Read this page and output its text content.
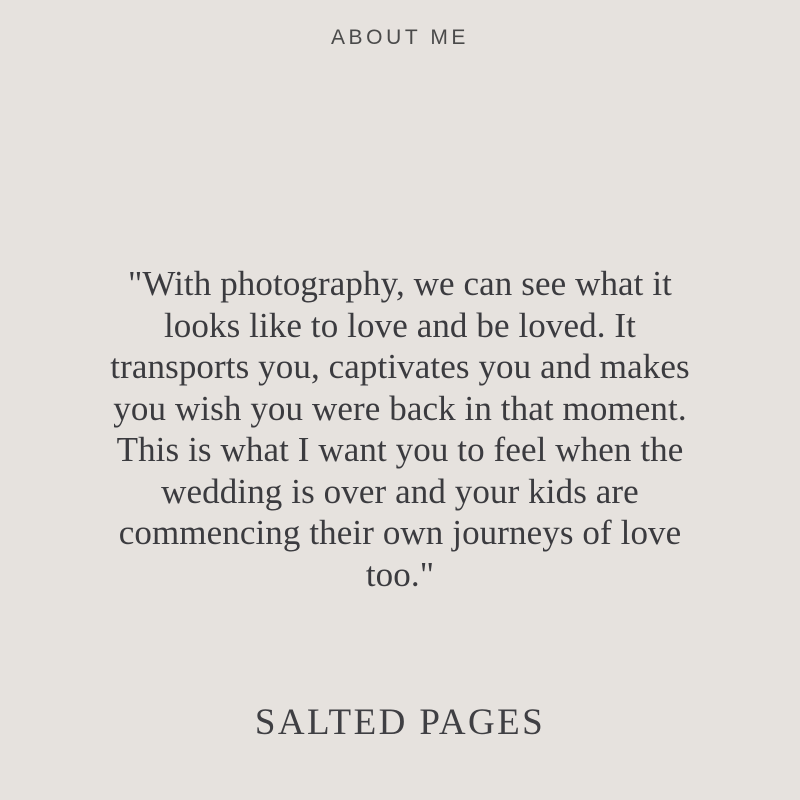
ABOUT ME
"With photography, we can see what it looks like to love and be loved. It transports you, captivates you and makes you wish you were back in that moment. This is what I want you to feel when the wedding is over and your kids are commencing their own journeys of love too."
SALTED PAGES
